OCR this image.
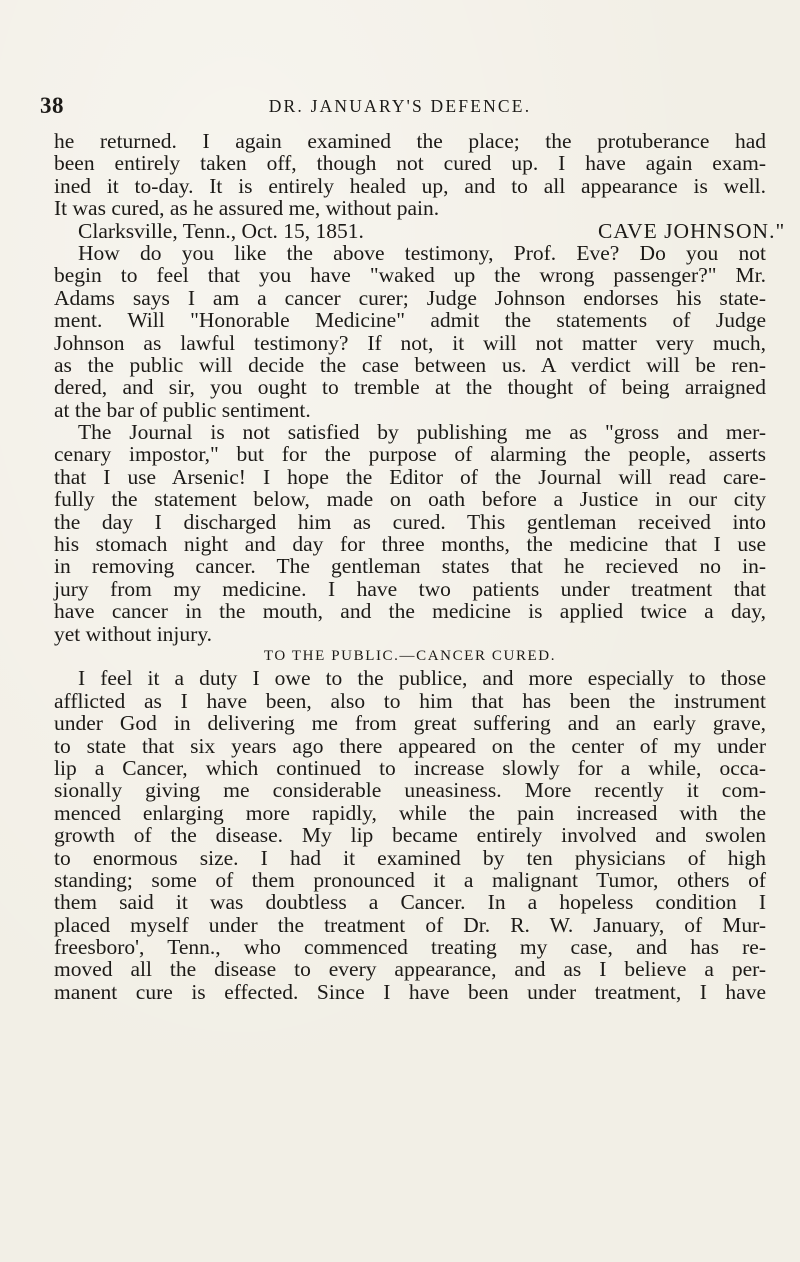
38	DR. JANUARY'S DEFENCE.
he returned. I again examined the place; the protuberance had
been entirely taken off, though not cured up. I have again exam-
ined it to-day. It is entirely healed up, and to all appearance is well.
It was cured, as he assured me, without pain.
Clarksville, Tenn., Oct. 15, 1851.	CAVE JOHNSON."
How do you like the above testimony, Prof. Eve? Do you not
begin to feel that you have "waked up the wrong passenger?" Mr.
Adams says I am a cancer curer; Judge Johnson endorses his state-
ment. Will "Honorable Medicine" admit the statements of Judge
Johnson as lawful testimony? If not, it will not matter very much,
as the public will decide the case between us. A verdict will be ren-
dered, and sir, you ought to tremble at the thought of being arraigned
at the bar of public sentiment.
The Journal is not satisfied by publishing me as "gross and mer-
cenary impostor," but for the purpose of alarming the people, asserts
that I use Arsenic! I hope the Editor of the Journal will read care-
fully the statement below, made on oath before a Justice in our city
the day I discharged him as cured. This gentleman received into
his stomach night and day for three months, the medicine that I use
in removing cancer. The gentleman states that he recieved no in-
jury from my medicine. I have two patients under treatment that
have cancer in the mouth, and the medicine is applied twice a day,
yet without injury.
TO THE PUBLIC.—CANCER CURED.
I feel it a duty I owe to the publice, and more especially to those
afflicted as I have been, also to him that has been the instrument
under God in delivering me from great suffering and an early grave,
to state that six years ago there appeared on the center of my under
lip a Cancer, which continued to increase slowly for a while, occa-
sionally giving me considerable uneasiness. More recently it com-
menced enlarging more rapidly, while the pain increased with the
growth of the disease. My lip became entirely involved and swolen
to enormous size. I had it examined by ten physicians of high
standing; some of them pronounced it a malignant Tumor, others of
them said it was doubtless a Cancer. In a hopeless condition I
placed myself under the treatment of Dr. R. W. January, of Mur-
freesboro', Tenn., who commenced treating my case, and has re-
moved all the disease to every appearance, and as I believe a per-
manent cure is effected. Since I have been under treatment, I have
